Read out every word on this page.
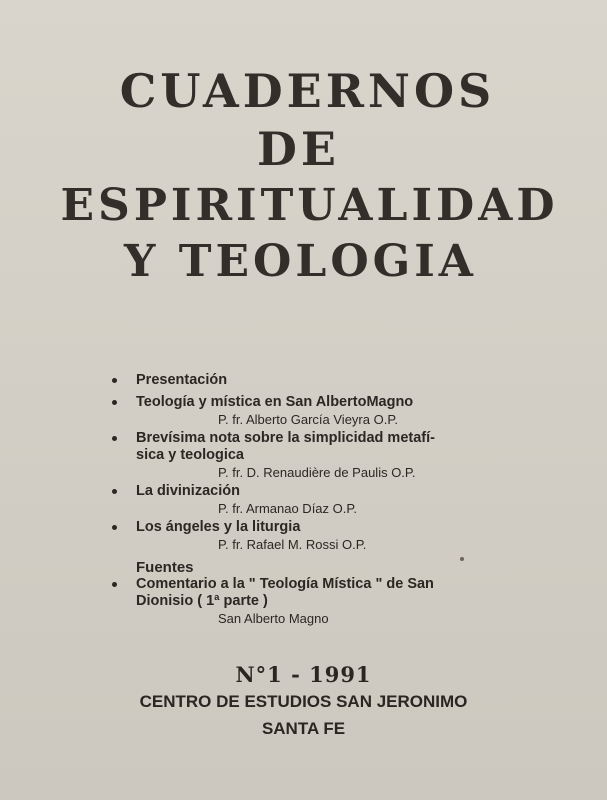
CUADERNOS
DE
ESPIRITUALIDAD
Y TEOLOGIA
Presentación
Teología y mística en San AlbertoMagno
P. fr. Alberto García Vieyra O.P.
Brevísima nota sobre la simplicidad metafí-
sica y teologica
P. fr. D. Renaudière de Paulis O.P.
La divinización
P. fr. Armanao Díaz O.P.
Los ángeles y la liturgia
P. fr. Rafael M. Rossi O.P.
Fuentes
Comentario a la " Teología Mística " de San
Dionisio ( 1ª parte )
San Alberto Magno
N°1 - 1991
CENTRO DE ESTUDIOS SAN JERONIMO
SANTA FE
